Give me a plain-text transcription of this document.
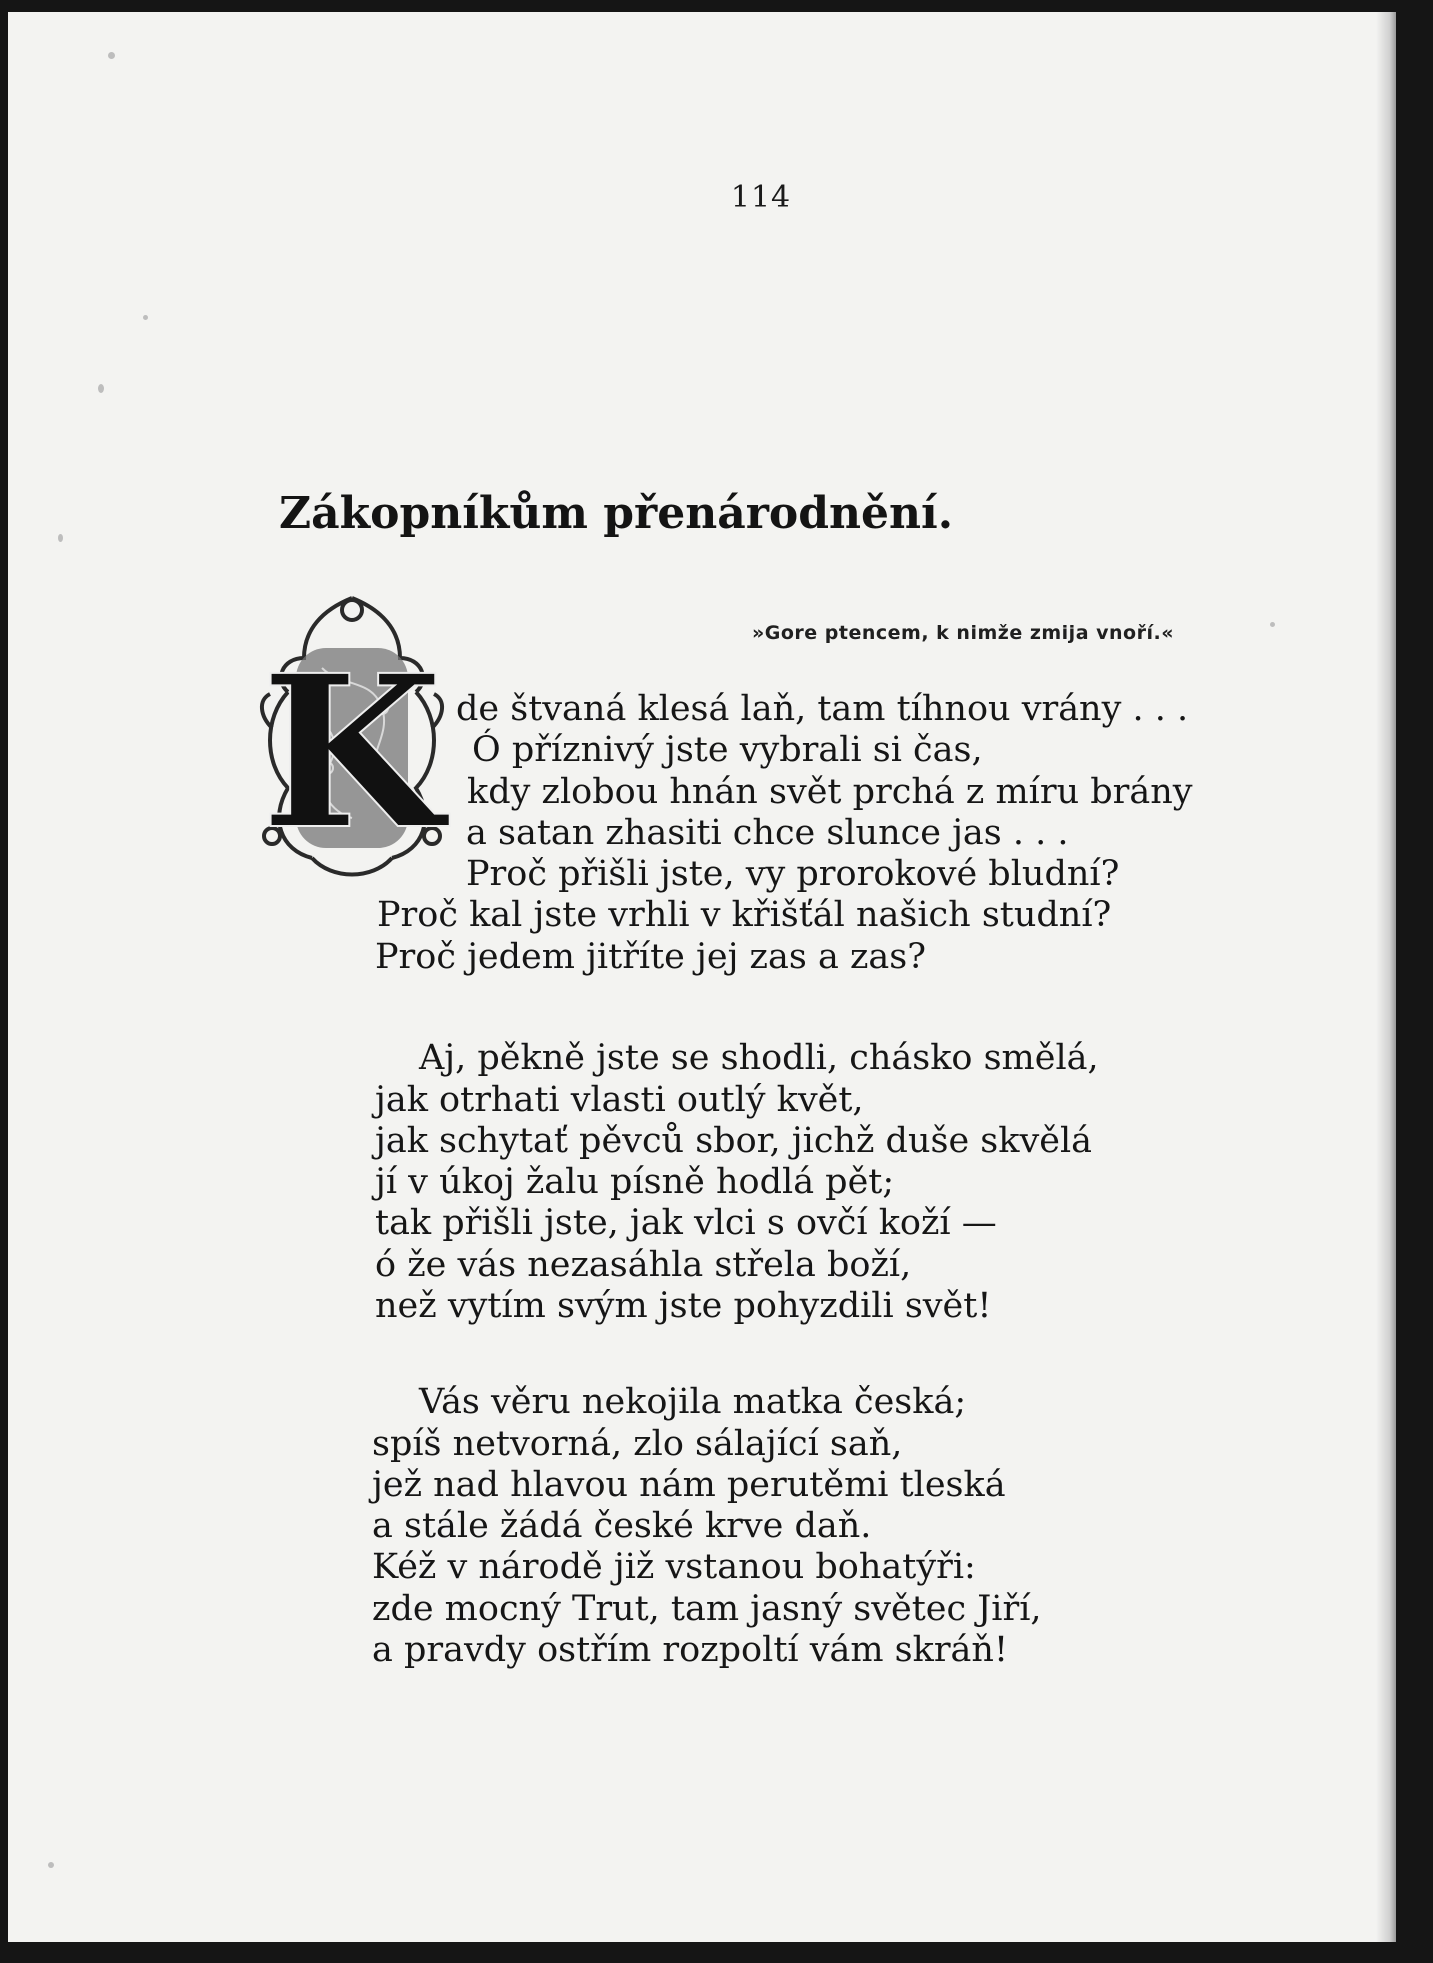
114
Zákopníkům přenárodnění.
»Gore ptencem, k nimže zmija vnoří.«
K de štvaná klesá laň, tam tíhnou vrány . . .
Ó příznivý jste vybrali si čas,
kdy zlobou hnán svět prchá z míru brány
a satan zhasiti chce slunce jas . . .
Proč přišli jste, vy prorokové bludní?
Proč kal jste vrhli v křišťál našich studní?
Proč jedem jitříte jej zas a zas?
Aj, pěkně jste se shodli, chásko smělá,
jak otrhati vlasti outlý květ,
jak schytať pěvců sbor, jichž duše skvělá
jí v úkoj žalu písně hodlá pět;
tak přišli jste, jak vlci s ovčí koží —
ó že vás nezasáhla střela boží,
než vytím svým jste pohyzdili svět!
Vás věru nekojila matka česká;
spíš netvorná, zlo sálající saň,
jež nad hlavou nám perutěmi tleská
a stále žádá české krve daň.
Kéž v národě již vstanou bohatýři:
zde mocný Trut, tam jasný světec Jiří,
a pravdy ostřím rozpoltí vám skráň!
